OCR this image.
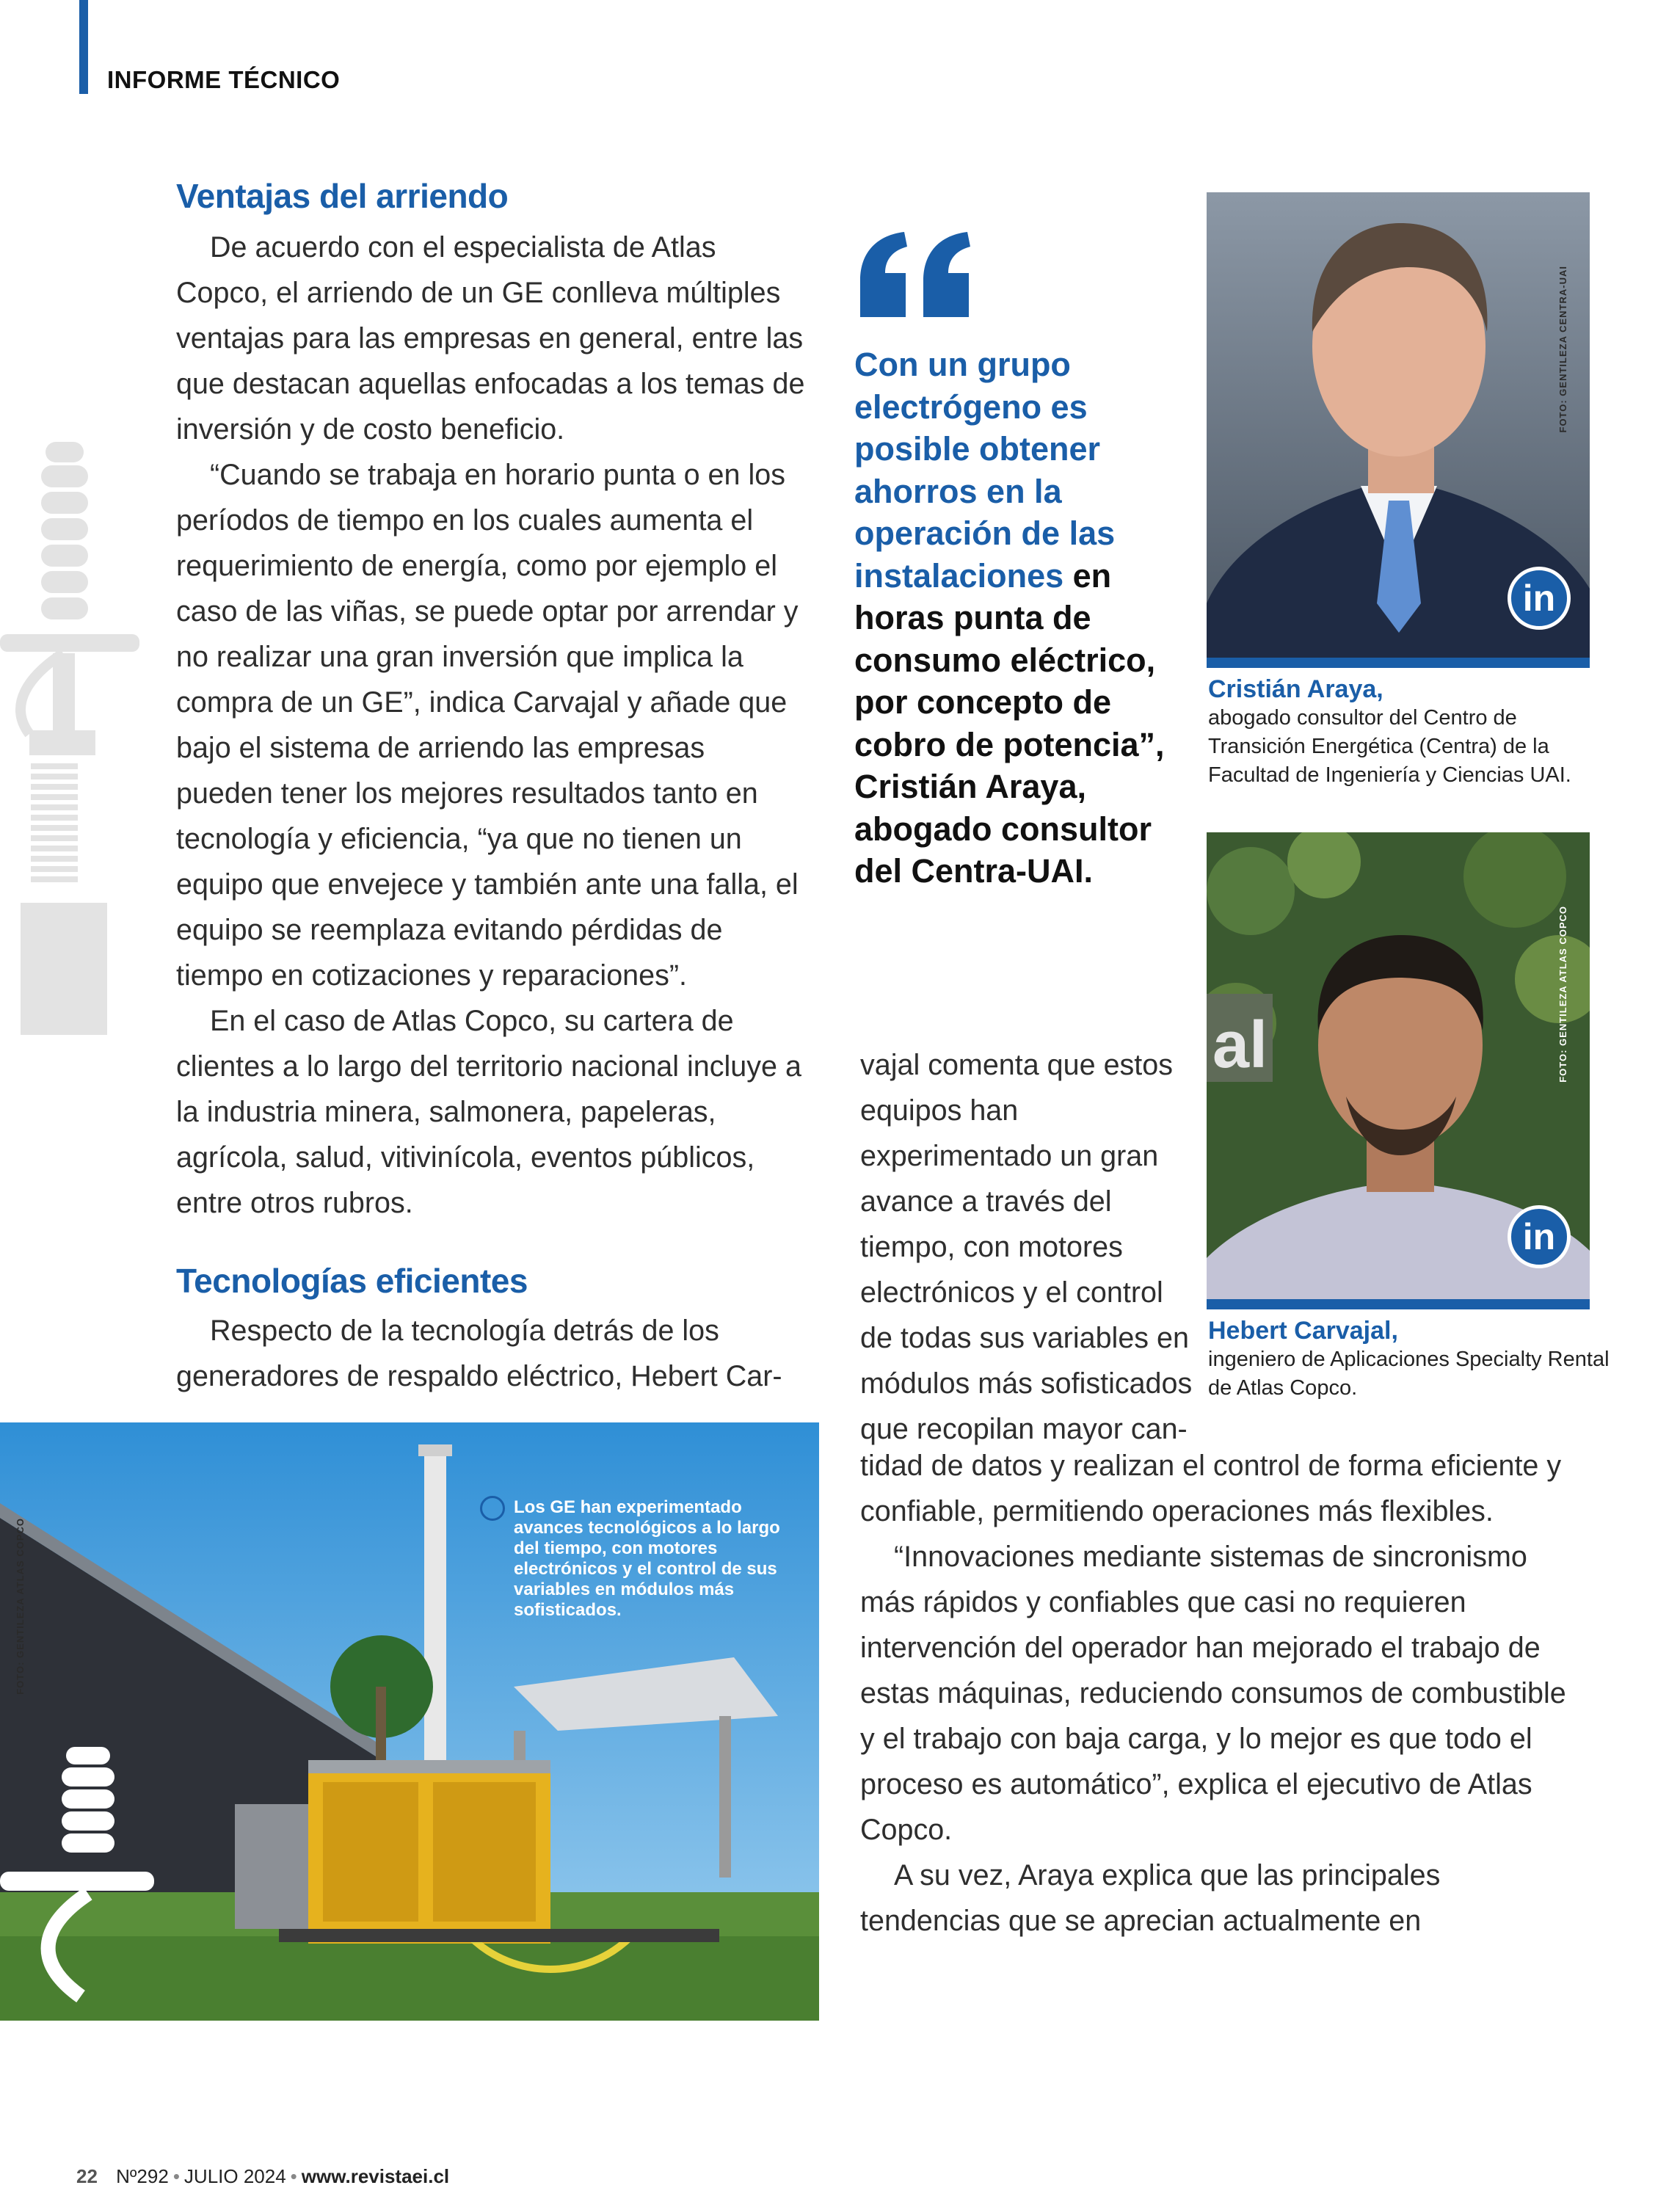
INFORME TÉCNICO

Ventajas del arriendo

De acuerdo con el especialista de Atlas Copco, el arriendo de un GE conlleva múltiples ventajas para las empresas en general, entre las que destacan aquellas enfocadas a los temas de inversión y de costo beneficio.

“Cuando se trabaja en horario punta o en los períodos de tiempo en los cuales aumenta el requerimiento de energía, como por ejemplo el caso de las viñas, se puede optar por arrendar y no realizar una gran inversión que implica la compra de un GE”, indica Carvajal y añade que bajo el sistema de arriendo las empresas pueden tener los mejores resultados tanto en tecnología y eficiencia, “ya que no tienen un equipo que envejece y también ante una falla, el equipo se reemplaza evitando pérdidas de tiempo en cotizaciones y reparaciones”.

En el caso de Atlas Copco, su cartera de clientes a lo largo del territorio nacional incluye a la industria minera, salmonera, papeleras, agrícola, salud, vitivinícola, eventos públicos, entre otros rubros.

Tecnologías eficientes

Respecto de la tecnología detrás de los generadores de respaldo eléctrico, Hebert Car-

Con un grupo electrógeno es posible obtener ahorros en la operación de las instalaciones en horas punta de consumo eléctrico, por concepto de cobro de potencia”, Cristián Araya, abogado consultor del Centra-UAI.

in
FOTO: GENTILEZA CENTRA-UAI

Cristián Araya,

abogado consultor del Centro de Transición Energética (Centra) de la Facultad de Ingeniería y Ciencias UAI.

al
in
FOTO: GENTILEZA ATLAS COPCO

Hebert Carvajal,

ingeniero de Aplicaciones Specialty Rental de Atlas Copco.

vajal comenta que estos equipos han experimentado un gran avance a través del tiempo, con motores electrónicos y el control de todas sus variables en módulos más sofisticados que recopilan mayor can-

tidad de datos y realizan el control de forma eficiente y confiable, permitiendo operaciones más flexibles.

“Innovaciones mediante sistemas de sincronismo más rápidos y confiables que casi no requieren intervención del operador han mejorado el trabajo de estas máquinas, reduciendo consumos de combustible y el trabajo con baja carga, y lo mejor es que todo el proceso es automático”, explica el ejecutivo de Atlas Copco.

A su vez, Araya explica que las principales tendencias que se aprecian actualmente en

FOTO: GENTILEZA ATLAS COPCO

Los GE han experimentado avances tecnológicos a lo largo del tiempo, con motores electrónicos y el control de sus variables en módulos más sofisticados.

22 Nº292 • JULIO 2024 • www.revistaei.cl
